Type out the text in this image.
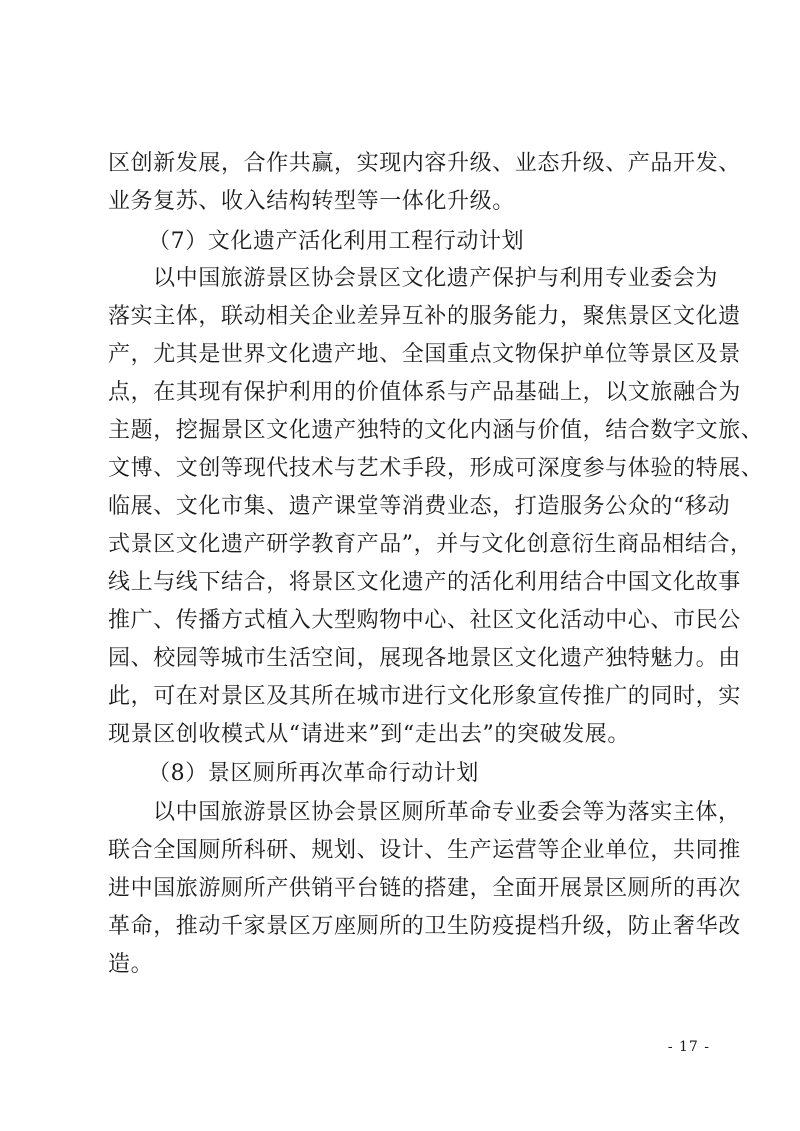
区创新发展，合作共赢，实现内容升级、业态升级、产品开发、
业务复苏、收入结构转型等一体化升级。
（7）文化遗产活化利用工程行动计划
以中国旅游景区协会景区文化遗产保护与利用专业委会为
落实主体，联动相关企业差异互补的服务能力，聚焦景区文化遗
产，尤其是世界文化遗产地、全国重点文物保护单位等景区及景
点，在其现有保护利用的价值体系与产品基础上，以文旅融合为
主题，挖掘景区文化遗产独特的文化内涵与价值，结合数字文旅、
文博、文创等现代技术与艺术手段，形成可深度参与体验的特展、
临展、文化市集、遗产课堂等消费业态，打造服务公众的“移动
式景区文化遗产研学教育产品”，并与文化创意衍生商品相结合，
线上与线下结合，将景区文化遗产的活化利用结合中国文化故事
推广、传播方式植入大型购物中心、社区文化活动中心、市民公
园、校园等城市生活空间，展现各地景区文化遗产独特魅力。由
此，可在对景区及其所在城市进行文化形象宣传推广的同时，实
现景区创收模式从“请进来”到“走出去”的突破发展。
（8）景区厕所再次革命行动计划
以中国旅游景区协会景区厕所革命专业委会等为落实主体，
联合全国厕所科研、规划、设计、生产运营等企业单位，共同推
进中国旅游厕所产供销平台链的搭建，全面开展景区厕所的再次
革命，推动千家景区万座厕所的卫生防疫提档升级，防止奢华改
造。
- 17 -
